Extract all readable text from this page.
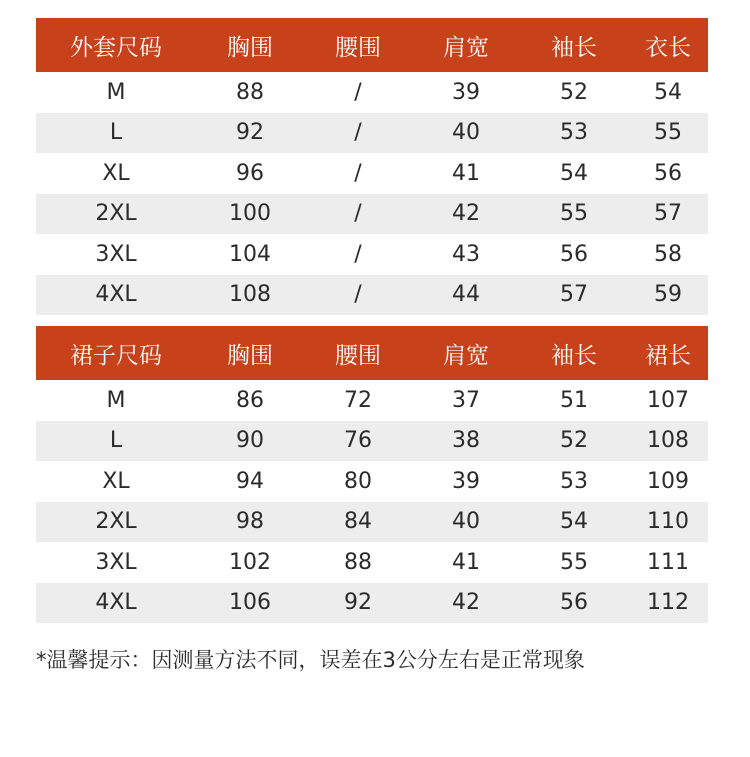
外套尺码	胸围	腰围	肩宽	袖长	衣长
M	88	/	39	52	54
L	92	/	40	53	55
XL	96	/	41	54	56
2XL	100	/	42	55	57
3XL	104	/	43	56	58
4XL	108	/	44	57	59
裙子尺码	胸围	腰围	肩宽	袖长	裙长
M	86	72	37	51	107
L	90	76	38	52	108
XL	94	80	39	53	109
2XL	98	84	40	54	110
3XL	102	88	41	55	111
4XL	106	92	42	56	112
*温馨提示：因测量方法不同，误差在3公分左右是正常现象
